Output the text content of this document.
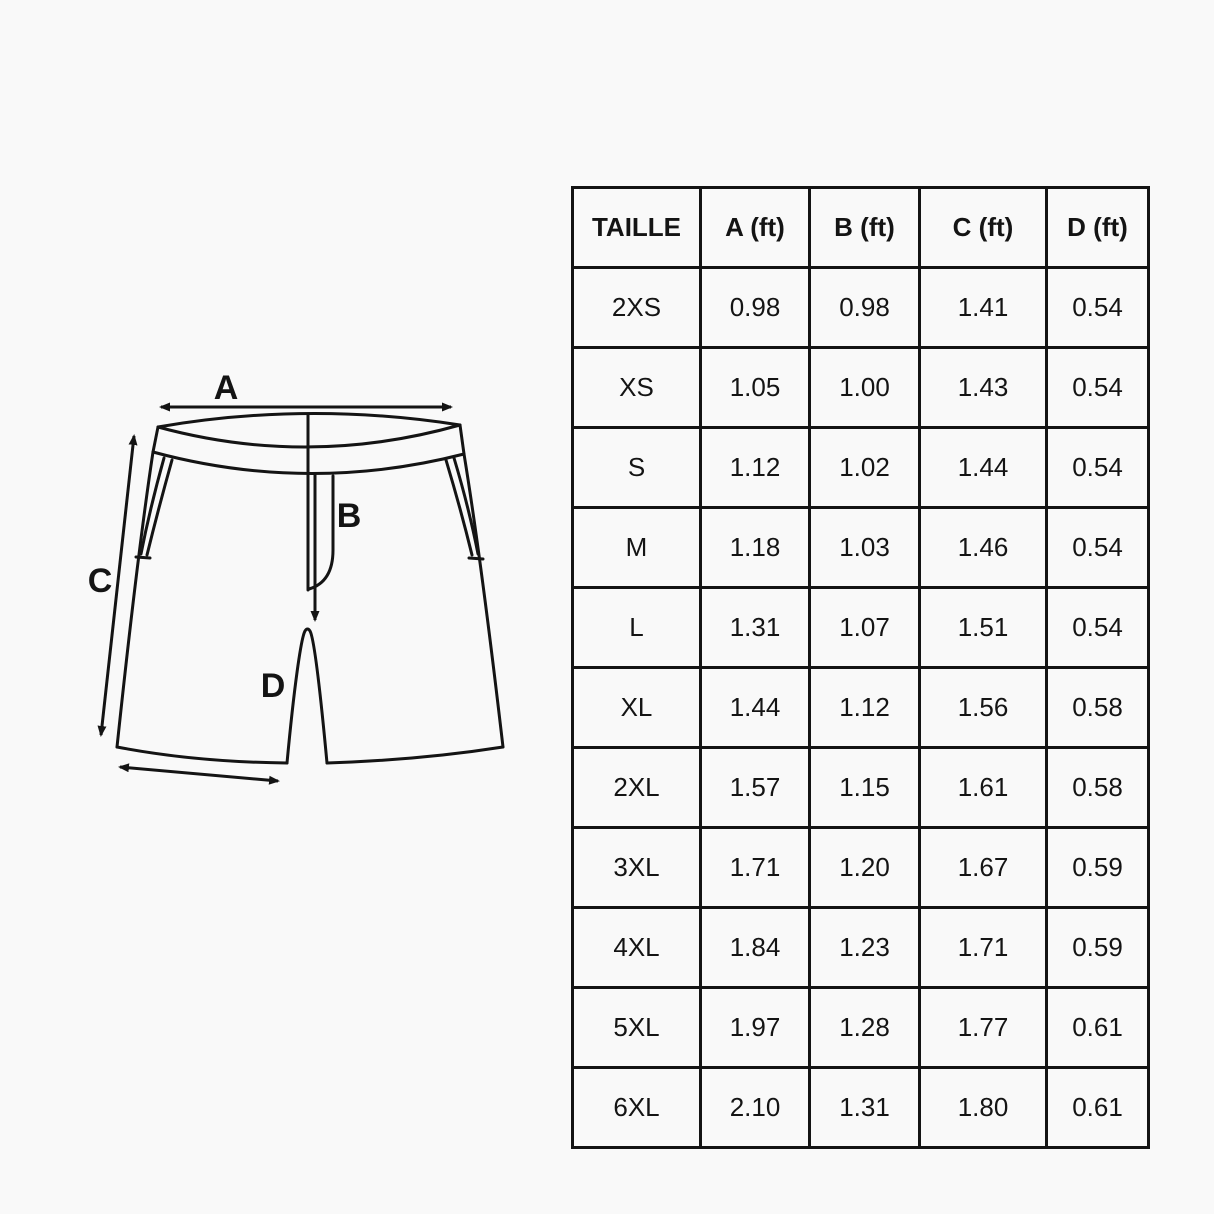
A
B
C
D
TAILLE	A (ft)	B (ft)	C (ft)	D (ft)
2XS	0.98	0.98	1.41	0.54
XS	1.05	1.00	1.43	0.54
S	1.12	1.02	1.44	0.54
M	1.18	1.03	1.46	0.54
L	1.31	1.07	1.51	0.54
XL	1.44	1.12	1.56	0.58
2XL	1.57	1.15	1.61	0.58
3XL	1.71	1.20	1.67	0.59
4XL	1.84	1.23	1.71	0.59
5XL	1.97	1.28	1.77	0.61
6XL	2.10	1.31	1.80	0.61
